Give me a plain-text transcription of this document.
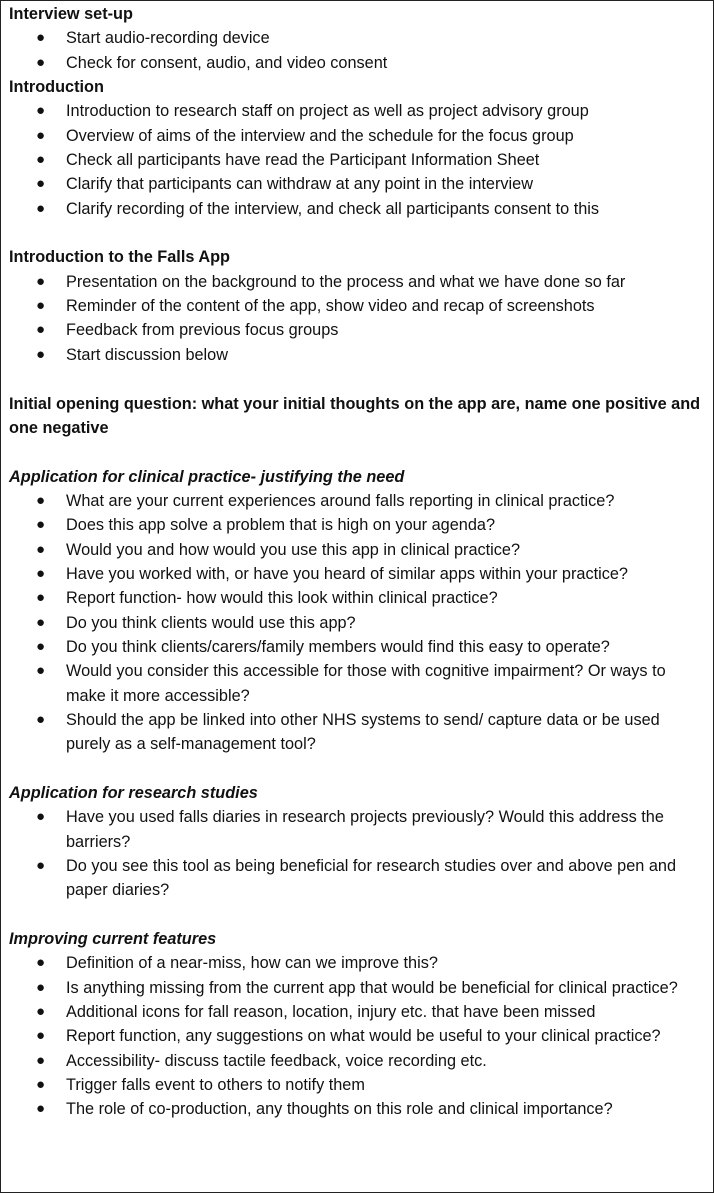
Interview set-up
● Start audio-recording device
● Check for consent, audio, and video consent
Introduction
● Introduction to research staff on project as well as project advisory group
● Overview of aims of the interview and the schedule for the focus group
● Check all participants have read the Participant Information Sheet
● Clarify that participants can withdraw at any point in the interview
● Clarify recording of the interview, and check all participants consent to this
Introduction to the Falls App
● Presentation on the background to the process and what we have done so far
● Reminder of the content of the app, show video and recap of screenshots
● Feedback from previous focus groups
● Start discussion below
Initial opening question: what your initial thoughts on the app are, name one positive and one negative
Application for clinical practice- justifying the need
● What are your current experiences around falls reporting in clinical practice?
● Does this app solve a problem that is high on your agenda?
● Would you and how would you use this app in clinical practice?
● Have you worked with, or have you heard of similar apps within your practice?
● Report function- how would this look within clinical practice?
● Do you think clients would use this app?
● Do you think clients/carers/family members would find this easy to operate?
● Would you consider this accessible for those with cognitive impairment? Or ways to make it more accessible?
● Should the app be linked into other NHS systems to send/ capture data or be used purely as a self-management tool?
Application for research studies
● Have you used falls diaries in research projects previously? Would this address the barriers?
● Do you see this tool as being beneficial for research studies over and above pen and paper diaries?
Improving current features
● Definition of a near-miss, how can we improve this?
● Is anything missing from the current app that would be beneficial for clinical practice?
● Additional icons for fall reason, location, injury etc. that have been missed
● Report function, any suggestions on what would be useful to your clinical practice?
● Accessibility- discuss tactile feedback, voice recording etc.
● Trigger falls event to others to notify them
● The role of co-production, any thoughts on this role and clinical importance?
